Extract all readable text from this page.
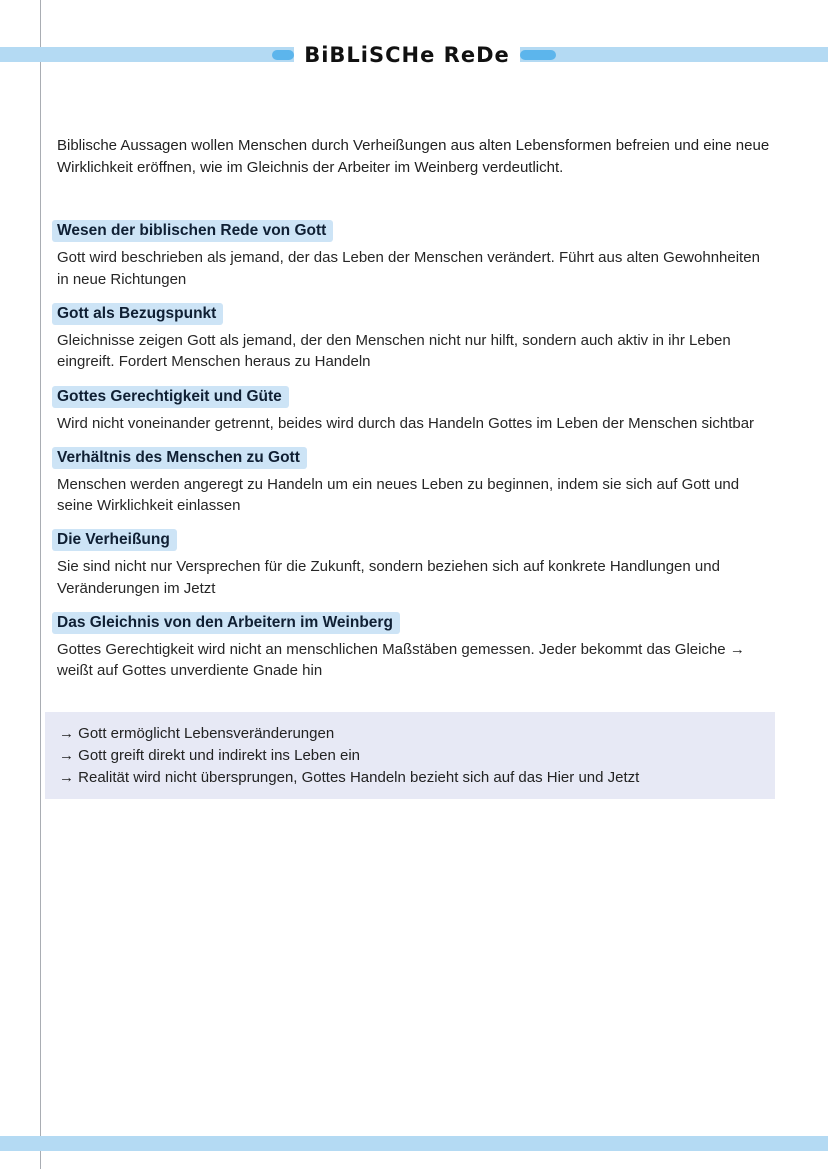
BiBLiSCHe ReDe

Biblische Aussagen wollen Menschen durch Verheißungen aus alten Lebensformen befreien und eine neue Wirklichkeit eröffnen, wie im Gleichnis der Arbeiter im Weinberg verdeutlicht.

Wesen der biblischen Rede von Gott
Gott wird beschrieben als jemand, der das Leben der Menschen verändert. Führt aus alten Gewohnheiten in neue Richtungen
Gott als Bezugspunkt
Gleichnisse zeigen Gott als jemand, der den Menschen nicht nur hilft, sondern auch aktiv in ihr Leben eingreift. Fordert Menschen heraus zu Handeln
Gottes Gerechtigkeit und Güte
Wird nicht voneinander getrennt, beides wird durch das Handeln Gottes im Leben der Menschen sichtbar
Verhältnis des Menschen zu Gott
Menschen werden angeregt zu Handeln um ein neues Leben zu beginnen, indem sie sich auf Gott und seine Wirklichkeit einlassen
Die Verheißung
Sie sind nicht nur Versprechen für die Zukunft, sondern beziehen sich auf konkrete Handlungen und Veränderungen im Jetzt
Das Gleichnis von den Arbeitern im Weinberg
Gottes Gerechtigkeit wird nicht an menschlichen Maßstäben gemessen. Jeder bekommt das Gleiche → weißt auf Gottes unverdiente Gnade hin
→ Gott ermöglicht Lebensveränderungen
→ Gott greift direkt und indirekt ins Leben ein
→ Realität wird nicht übersprungen, Gottes Handeln bezieht sich auf das Hier und Jetzt
